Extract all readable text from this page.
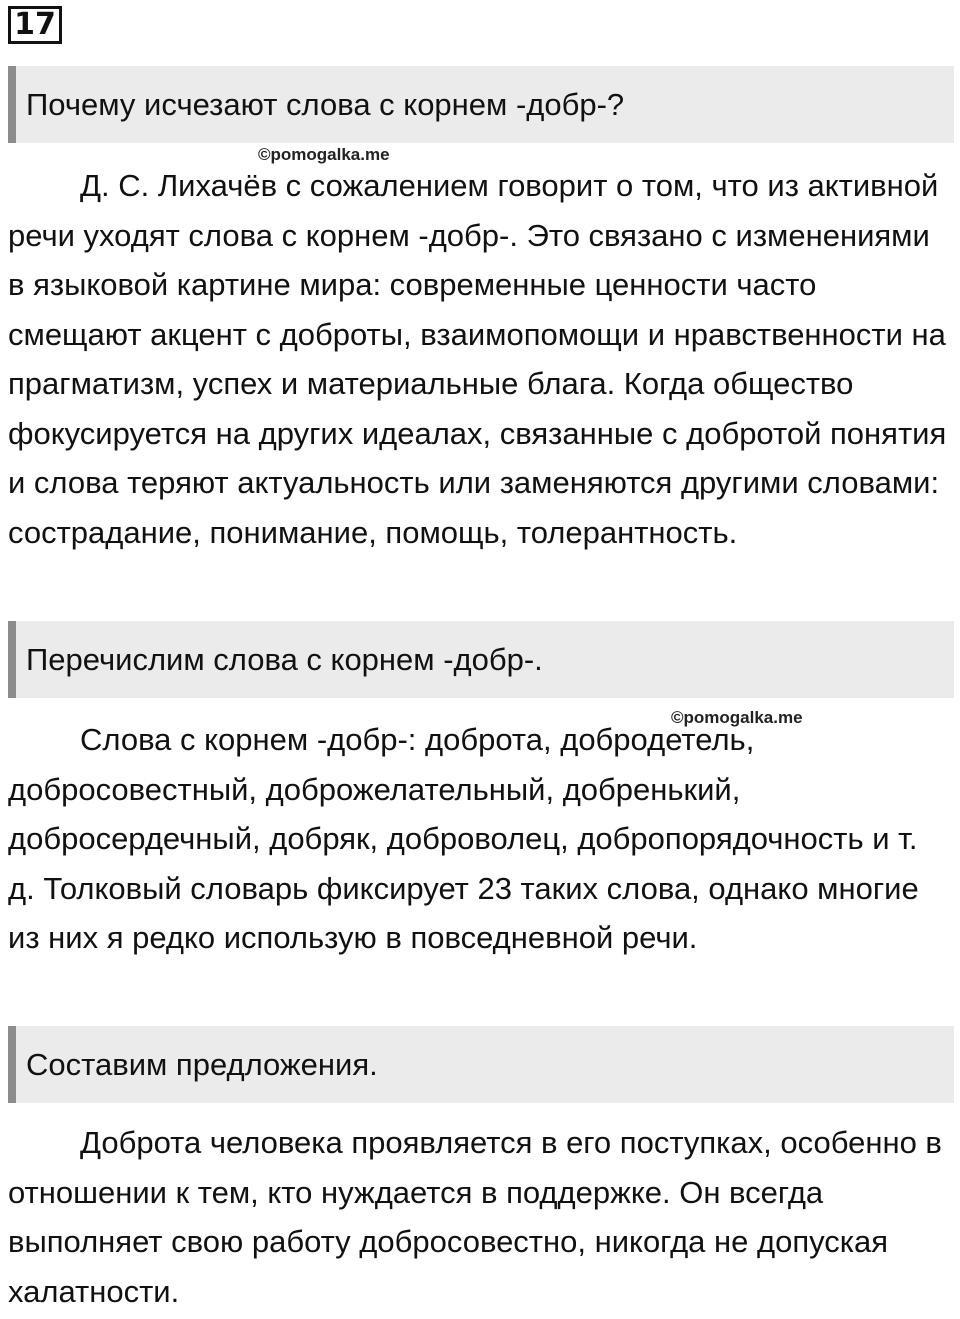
17
Почему исчезают слова с корнем -добр-?
©pomogalka.me

Д. С. Лихачёв с сожалением говорит о том, что из активной речи уходят слова с корнем -добр-. Это связано с изменениями в языковой картине мира: современные ценности часто смещают акцент с доброты, взаимопомощи и нравственности на прагматизм, успех и материальные блага. Когда общество фокусируется на других идеалах, связанные с добротой понятия и слова теряют актуальность или заменяются другими словами: сострадание, понимание, помощь, толерантность.

Перечислим слова с корнем -добр-.
©pomogalka.me

Слова с корнем -добр-: доброта, добродетель, добросовестный, доброжелательный, добренький, добросердечный, добряк, доброволец, добропорядочность и т. д. Толковый словарь фиксирует 23 таких слова, однако многие из них я редко использую в повседневной речи.

Составим предложения.

Доброта человека проявляется в его поступках, особенно в отношении к тем, кто нуждается в поддержке. Он всегда выполняет свою работу добросовестно, никогда не допуская халатности.
